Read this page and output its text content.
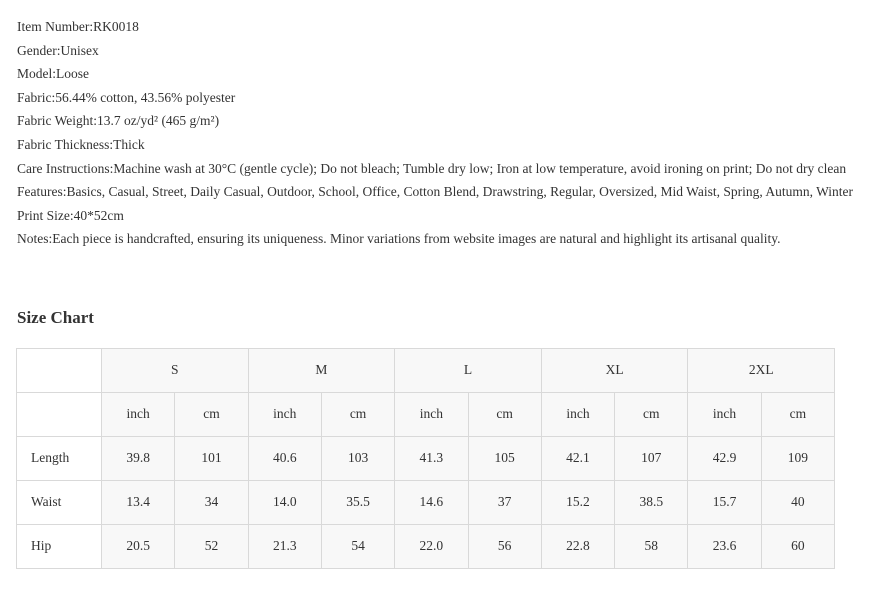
Item Number:RK0018
Gender:Unisex
Model:Loose
Fabric:56.44% cotton, 43.56% polyester
Fabric Weight:13.7 oz/yd² (465 g/m²)
Fabric Thickness:Thick
Care Instructions:Machine wash at 30°C (gentle cycle); Do not bleach; Tumble dry low; Iron at low temperature, avoid ironing on print; Do not dry clean
Features:Basics, Casual, Street, Daily Casual, Outdoor, School, Office, Cotton Blend, Drawstring, Regular, Oversized, Mid Waist, Spring, Autumn, Winter
Print Size:40*52cm
Notes:Each piece is handcrafted, ensuring its uniqueness. Minor variations from website images are natural and highlight its artisanal quality.
Size Chart
	S		M		L		XL		2XL	
	inch	cm	inch	cm	inch	cm	inch	cm	inch	cm
Length	39.8	101	40.6	103	41.3	105	42.1	107	42.9	109
Waist	13.4	34	14.0	35.5	14.6	37	15.2	38.5	15.7	40
Hip	20.5	52	21.3	54	22.0	56	22.8	58	23.6	60
